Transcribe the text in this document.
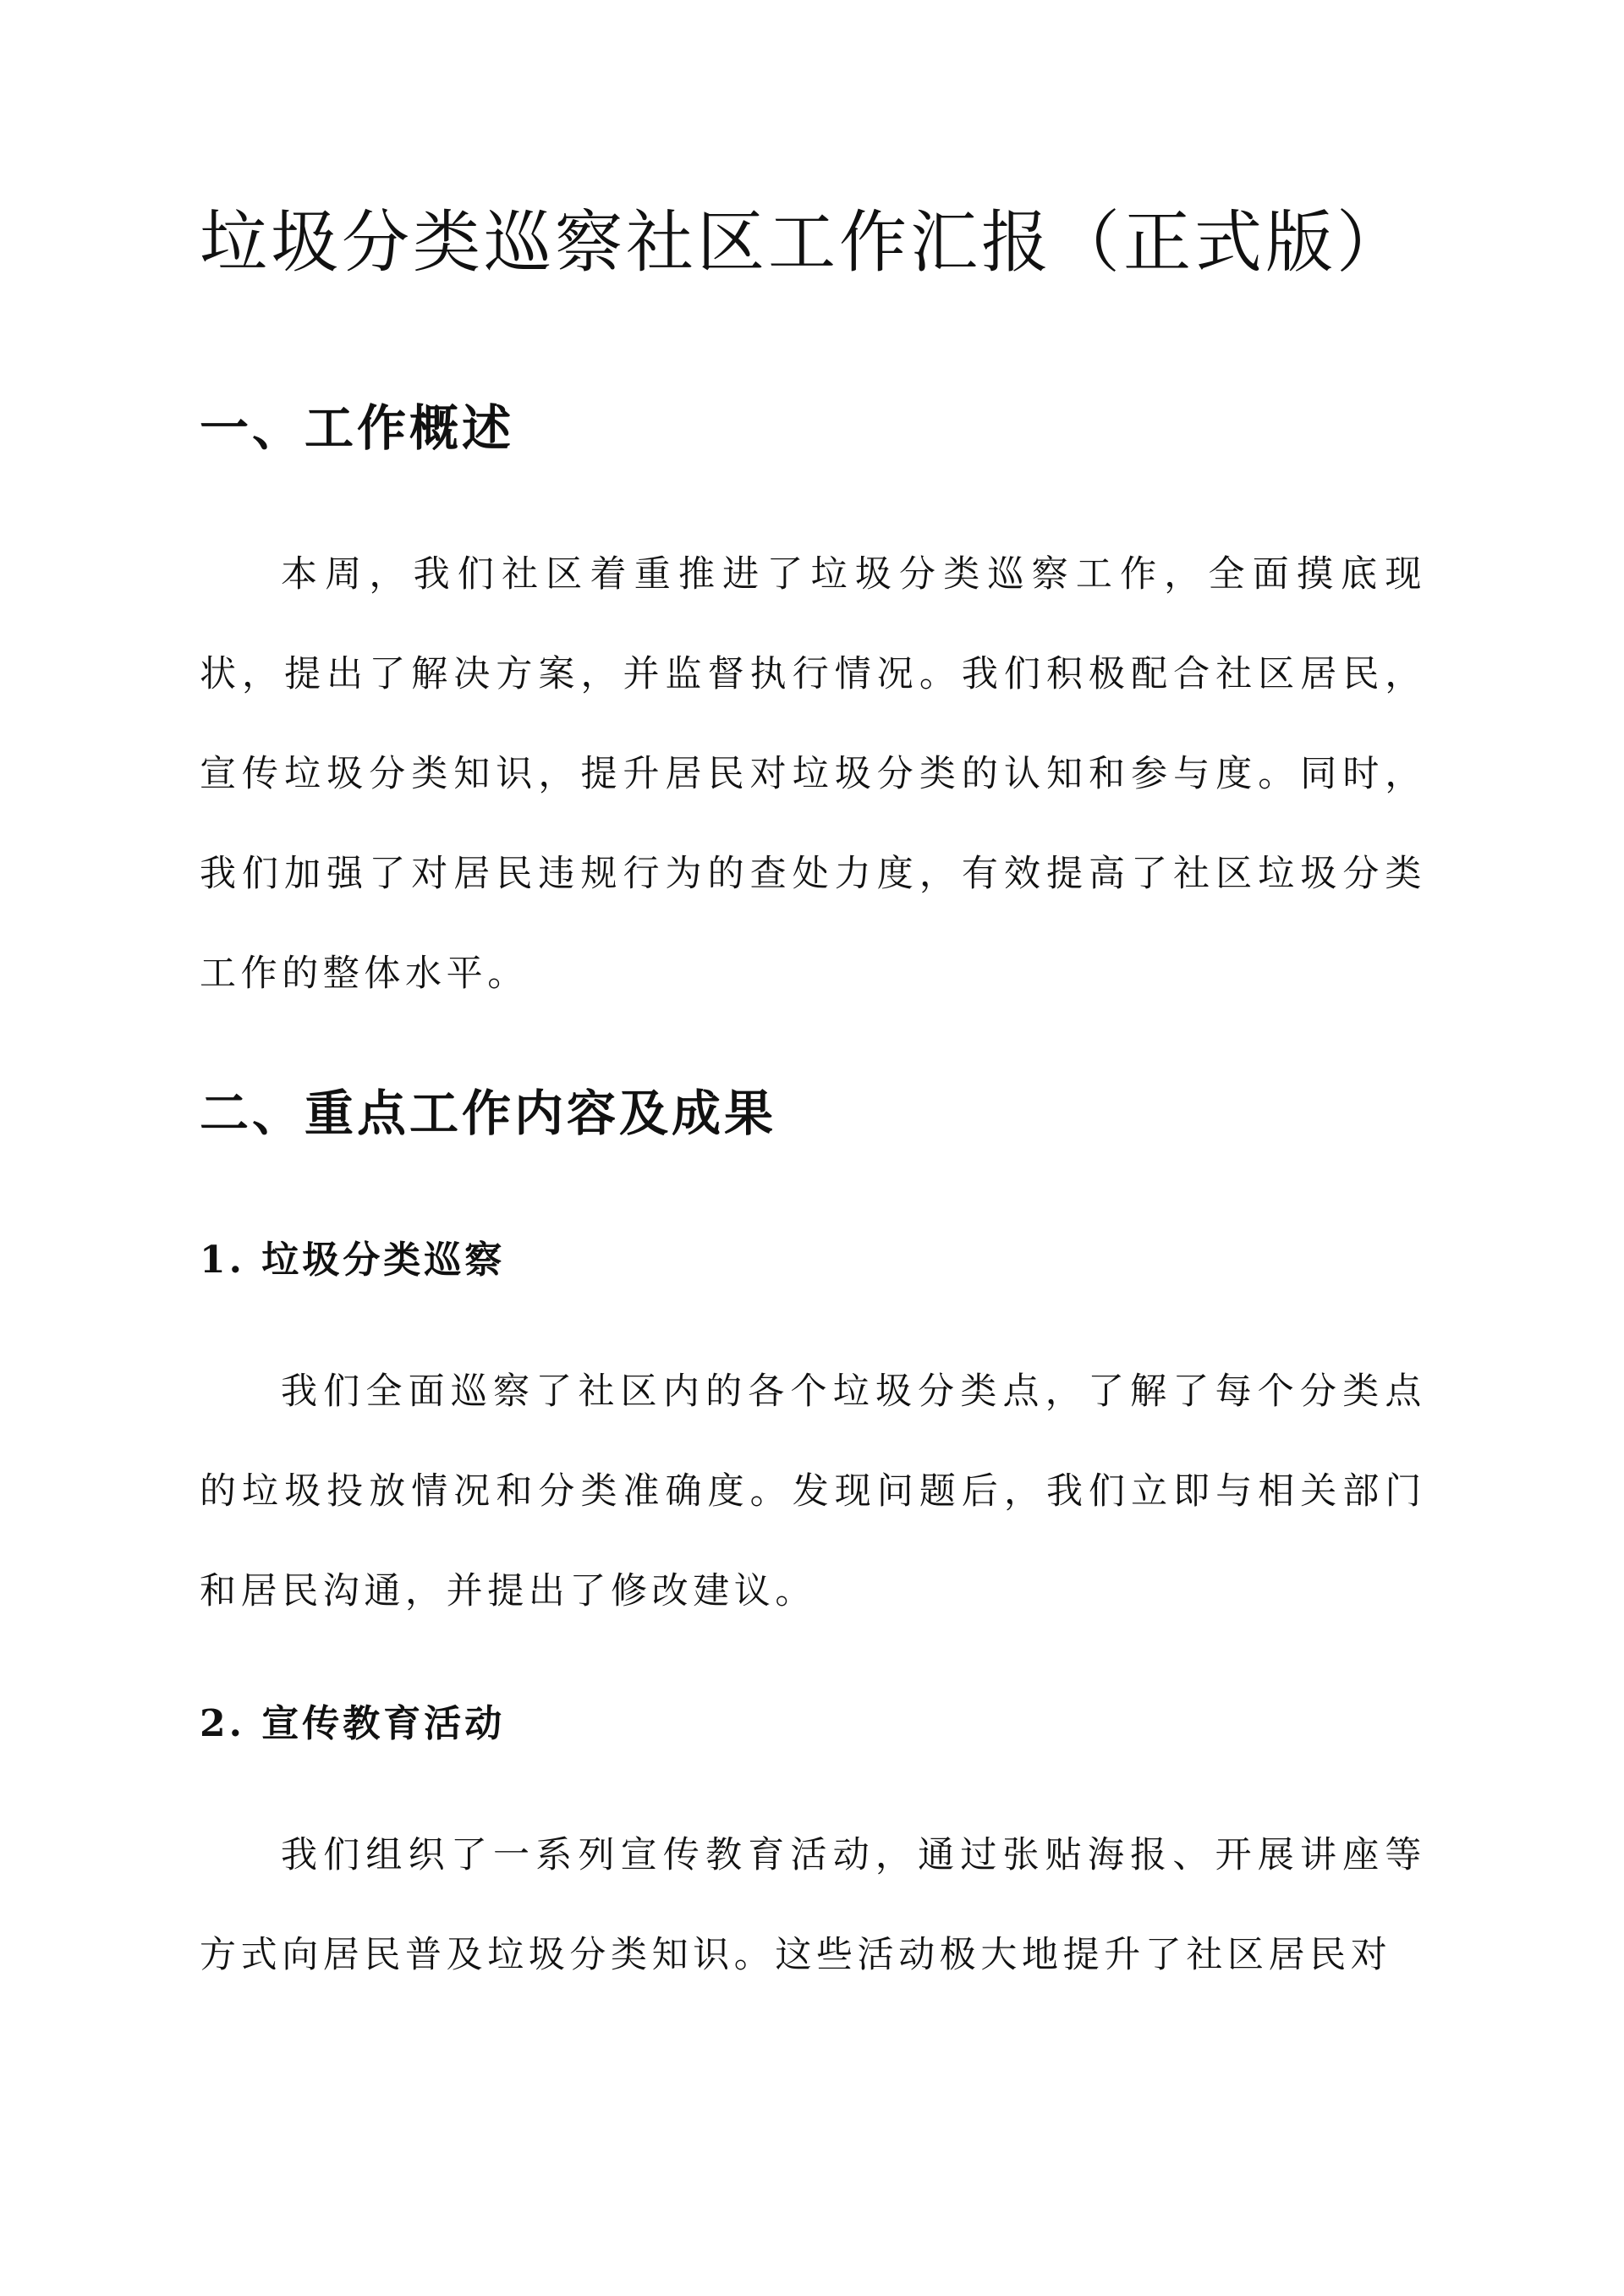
垃圾分类巡察社区工作汇报（正式版）
一、工作概述

本周，我们社区着重推进了垃圾分类巡察工作，全面摸底现状，提出了解决方案，并监督执行情况。我们积极配合社区居民，宣传垃圾分类知识，提升居民对垃圾分类的认知和参与度。同时，我们加强了对居民违规行为的查处力度，有效提高了社区垃圾分类工作的整体水平。

二、重点工作内容及成果
1. 垃圾分类巡察

我们全面巡察了社区内的各个垃圾分类点，了解了每个分类点的垃圾投放情况和分类准确度。发现问题后，我们立即与相关部门和居民沟通，并提出了修改建议。

2. 宣传教育活动

我们组织了一系列宣传教育活动，通过张贴海报、开展讲座等方式向居民普及垃圾分类知识。这些活动极大地提升了社区居民对
